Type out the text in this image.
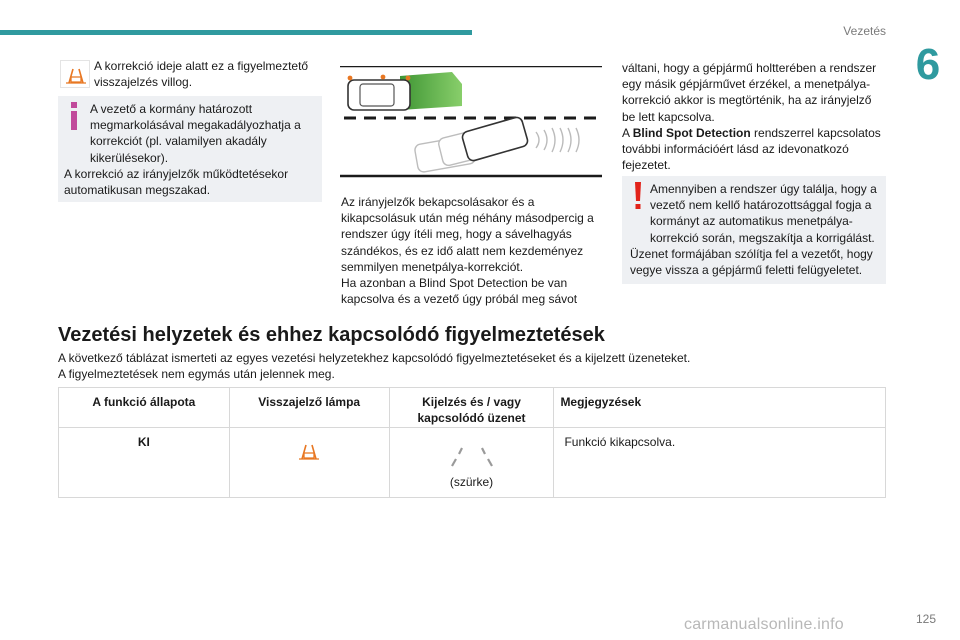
Vezetés
6
A korrekció ideje alatt ez a figyelmeztető visszajelzés villog.
A vezető a kormány határozott megmarkolásával megakadályozhatja a korrekciót (pl. valamilyen akadály kikerülésekor).
A korrekció az irányjelzők működtetésekor automatikusan megszakad.
Az irányjelzők bekapcsolásakor és a kikapcsolásuk után még néhány másodpercig a rendszer úgy ítéli meg, hogy a sávelhagyás szándékos, és ez idő alatt nem kezdeményez semmilyen menetpálya-korrekciót.
Ha azonban a Blind Spot Detection be van kapcsolva és a vezető úgy próbál meg sávot
váltani, hogy a gépjármű holtterében a rendszer egy másik gépjárművet érzékel, a menetpálya-korrekció akkor is megtörténik, ha az irányjelző be lett kapcsolva.
A Blind Spot Detection rendszerrel kapcsolatos további információért lásd az idevonatkozó fejezetet.
Amennyiben a rendszer úgy találja, hogy a vezető nem kellő határozottsággal fogja a kormányt az automatikus menetpálya-korrekció során, megszakítja a korrigálást.
Üzenet formájában szólítja fel a vezetőt, hogy vegye vissza a gépjármű feletti felügyeletet.
Vezetési helyzetek és ehhez kapcsolódó figyelmeztetések
A következő táblázat ismerteti az egyes vezetési helyzetekhez kapcsolódó figyelmeztetéseket és a kijelzett üzeneteket.
A figyelmeztetések nem egymás után jelennek meg.
A funkció állapota	Visszajelző lámpa	Kijelzés és / vagy kapcsolódó üzenet	Megjegyzések
KI		(szürke)	Funkció kikapcsolva.
125
carmanualsonline.info
